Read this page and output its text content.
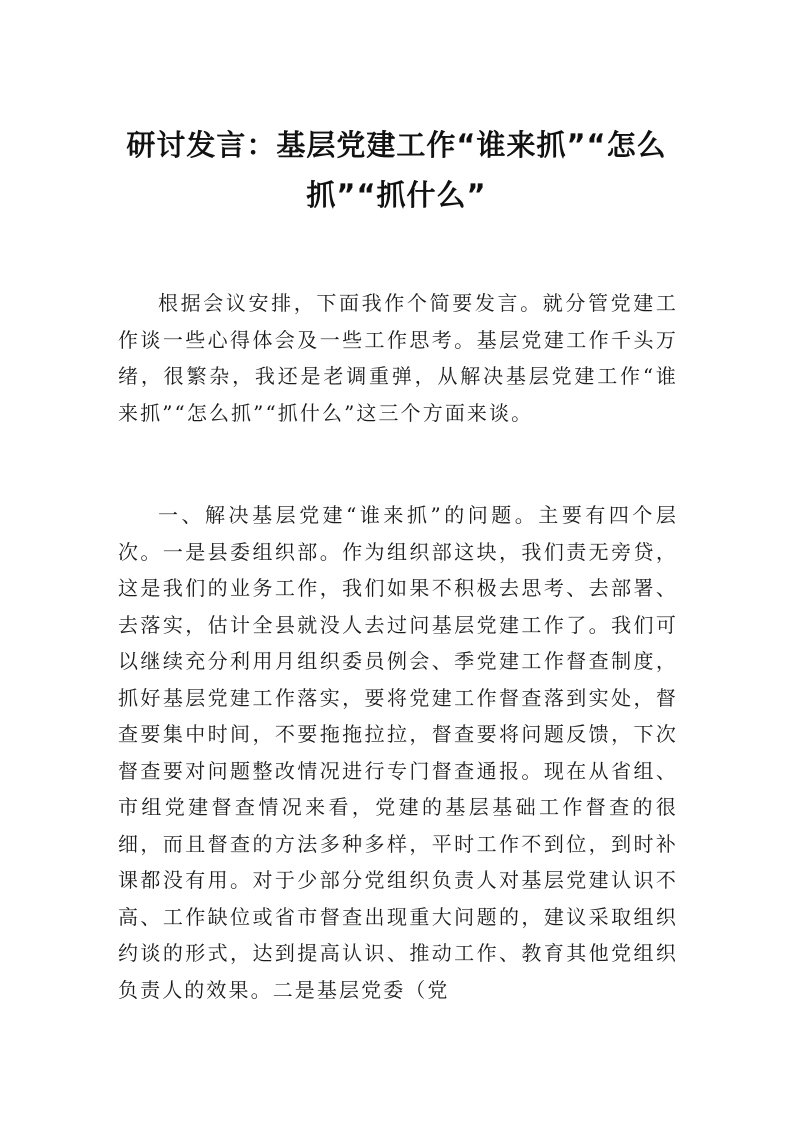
研讨发言：基层党建工作“谁来抓”“怎么抓”“抓什么”

根据会议安排，下面我作个简要发言。就分管党建工作谈一些心得体会及一些工作思考。基层党建工作千头万绪，很繁杂，我还是老调重弹，从解决基层党建工作“谁来抓”“怎么抓”“抓什么”这三个方面来谈。

一、解决基层党建“谁来抓”的问题。主要有四个层次。一是县委组织部。作为组织部这块，我们责无旁贷，这是我们的业务工作，我们如果不积极去思考、去部署、去落实，估计全县就没人去过问基层党建工作了。我们可以继续充分利用月组织委员例会、季党建工作督查制度，抓好基层党建工作落实，要将党建工作督查落到实处，督查要集中时间，不要拖拖拉拉，督查要将问题反馈，下次督查要对问题整改情况进行专门督查通报。现在从省组、市组党建督查情况来看，党建的基层基础工作督查的很细，而且督查的方法多种多样，平时工作不到位，到时补课都没有用。对于少部分党组织负责人对基层党建认识不高、工作缺位或省市督查出现重大问题的，建议采取组织约谈的形式，达到提高认识、推动工作、教育其他党组织负责人的效果。二是基层党委（党
